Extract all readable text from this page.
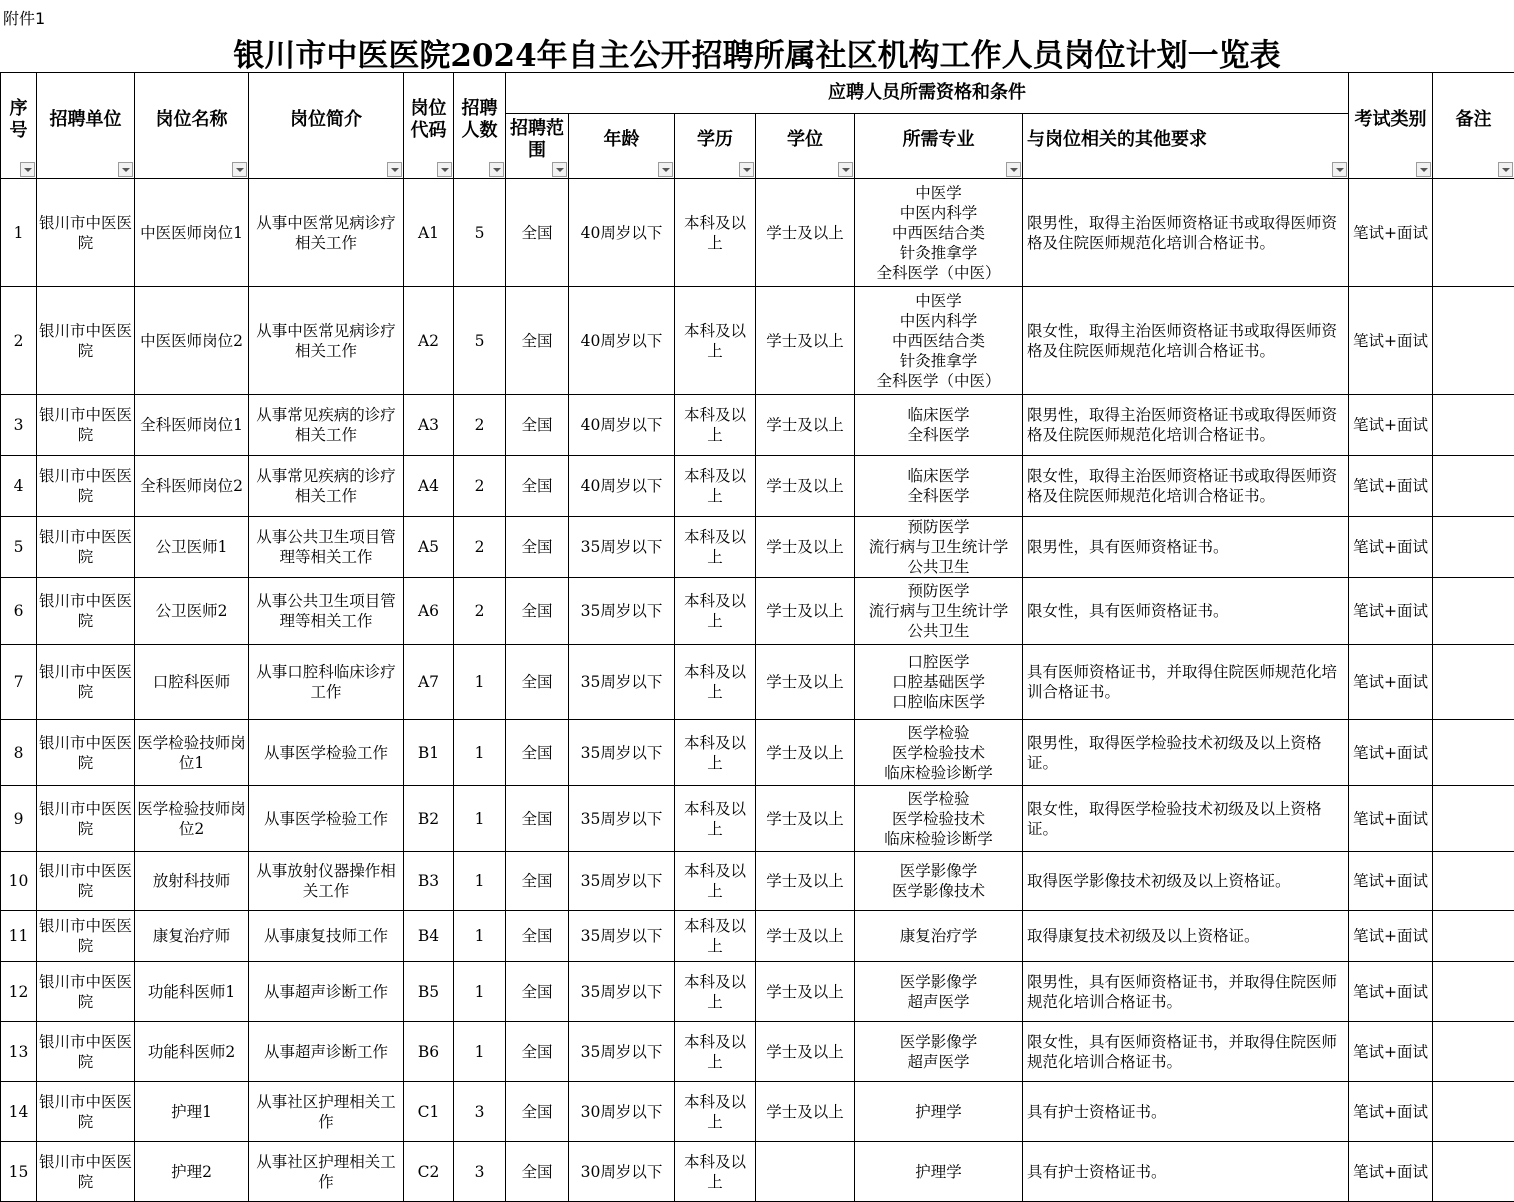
附件1
银川市中医医院2024年自主公开招聘所属社区机构工作人员岗位计划一览表
序号	招聘单位	岗位名称	岗位简介	岗位代码	招聘人数	应聘人员所需资格和条件						考试类别	备注

						招聘范围	年龄	学历	学位	所需专业	与岗位相关的其他要求		

1	银川市中医医院	中医医师岗位1	从事中医常见病诊疗相关工作	A1	5	全国	40周岁以下	本科及以上	学士及以上	中医学
中医内科学
中西医结合类
针灸推拿学
全科医学（中医）	限男性，取得主治医师资格证书或取得医师资格及住院医师规范化培训合格证书。	笔试+面试	
2	银川市中医医院	中医医师岗位2	从事中医常见病诊疗相关工作	A2	5	全国	40周岁以下	本科及以上	学士及以上	中医学
中医内科学
中西医结合类
针灸推拿学
全科医学（中医）	限女性，取得主治医师资格证书或取得医师资格及住院医师规范化培训合格证书。	笔试+面试	
3	银川市中医医院	全科医师岗位1	从事常见疾病的诊疗相关工作	A3	2	全国	40周岁以下	本科及以上	学士及以上	临床医学
全科医学	限男性，取得主治医师资格证书或取得医师资格及住院医师规范化培训合格证书。	笔试+面试	
4	银川市中医医院	全科医师岗位2	从事常见疾病的诊疗相关工作	A4	2	全国	40周岁以下	本科及以上	学士及以上	临床医学
全科医学	限女性，取得主治医师资格证书或取得医师资格及住院医师规范化培训合格证书。	笔试+面试	
5	银川市中医医院	公卫医师1	从事公共卫生项目管理等相关工作	A5	2	全国	35周岁以下	本科及以上	学士及以上	预防医学
流行病与卫生统计学
公共卫生	限男性，具有医师资格证书。	笔试+面试	
6	银川市中医医院	公卫医师2	从事公共卫生项目管理等相关工作	A6	2	全国	35周岁以下	本科及以上	学士及以上	预防医学
流行病与卫生统计学
公共卫生	限女性，具有医师资格证书。	笔试+面试	
7	银川市中医医院	口腔科医师	从事口腔科临床诊疗工作	A7	1	全国	35周岁以下	本科及以上	学士及以上	口腔医学
口腔基础医学
口腔临床医学	具有医师资格证书，并取得住院医师规范化培训合格证书。	笔试+面试	
8	银川市中医医院	医学检验技师岗位1	从事医学检验工作	B1	1	全国	35周岁以下	本科及以上	学士及以上	医学检验
医学检验技术
临床检验诊断学	限男性，取得医学检验技术初级及以上资格证。	笔试+面试	
9	银川市中医医院	医学检验技师岗位2	从事医学检验工作	B2	1	全国	35周岁以下	本科及以上	学士及以上	医学检验
医学检验技术
临床检验诊断学	限女性，取得医学检验技术初级及以上资格证。	笔试+面试	
10	银川市中医医院	放射科技师	从事放射仪器操作相关工作	B3	1	全国	35周岁以下	本科及以上	学士及以上	医学影像学
医学影像技术	取得医学影像技术初级及以上资格证。	笔试+面试	
11	银川市中医医院	康复治疗师	从事康复技师工作	B4	1	全国	35周岁以下	本科及以上	学士及以上	康复治疗学	取得康复技术初级及以上资格证。	笔试+面试	
12	银川市中医医院	功能科医师1	从事超声诊断工作	B5	1	全国	35周岁以下	本科及以上	学士及以上	医学影像学
超声医学	限男性，具有医师资格证书，并取得住院医师规范化培训合格证书。	笔试+面试	
13	银川市中医医院	功能科医师2	从事超声诊断工作	B6	1	全国	35周岁以下	本科及以上	学士及以上	医学影像学
超声医学	限女性，具有医师资格证书，并取得住院医师规范化培训合格证书。	笔试+面试	
14	银川市中医医院	护理1	从事社区护理相关工作	C1	3	全国	30周岁以下	本科及以上	学士及以上	护理学	具有护士资格证书。	笔试+面试	
15	银川市中医医院	护理2	从事社区护理相关工作	C2	3	全国	30周岁以下	本科及以上		护理学	具有护士资格证书。	笔试+面试	
